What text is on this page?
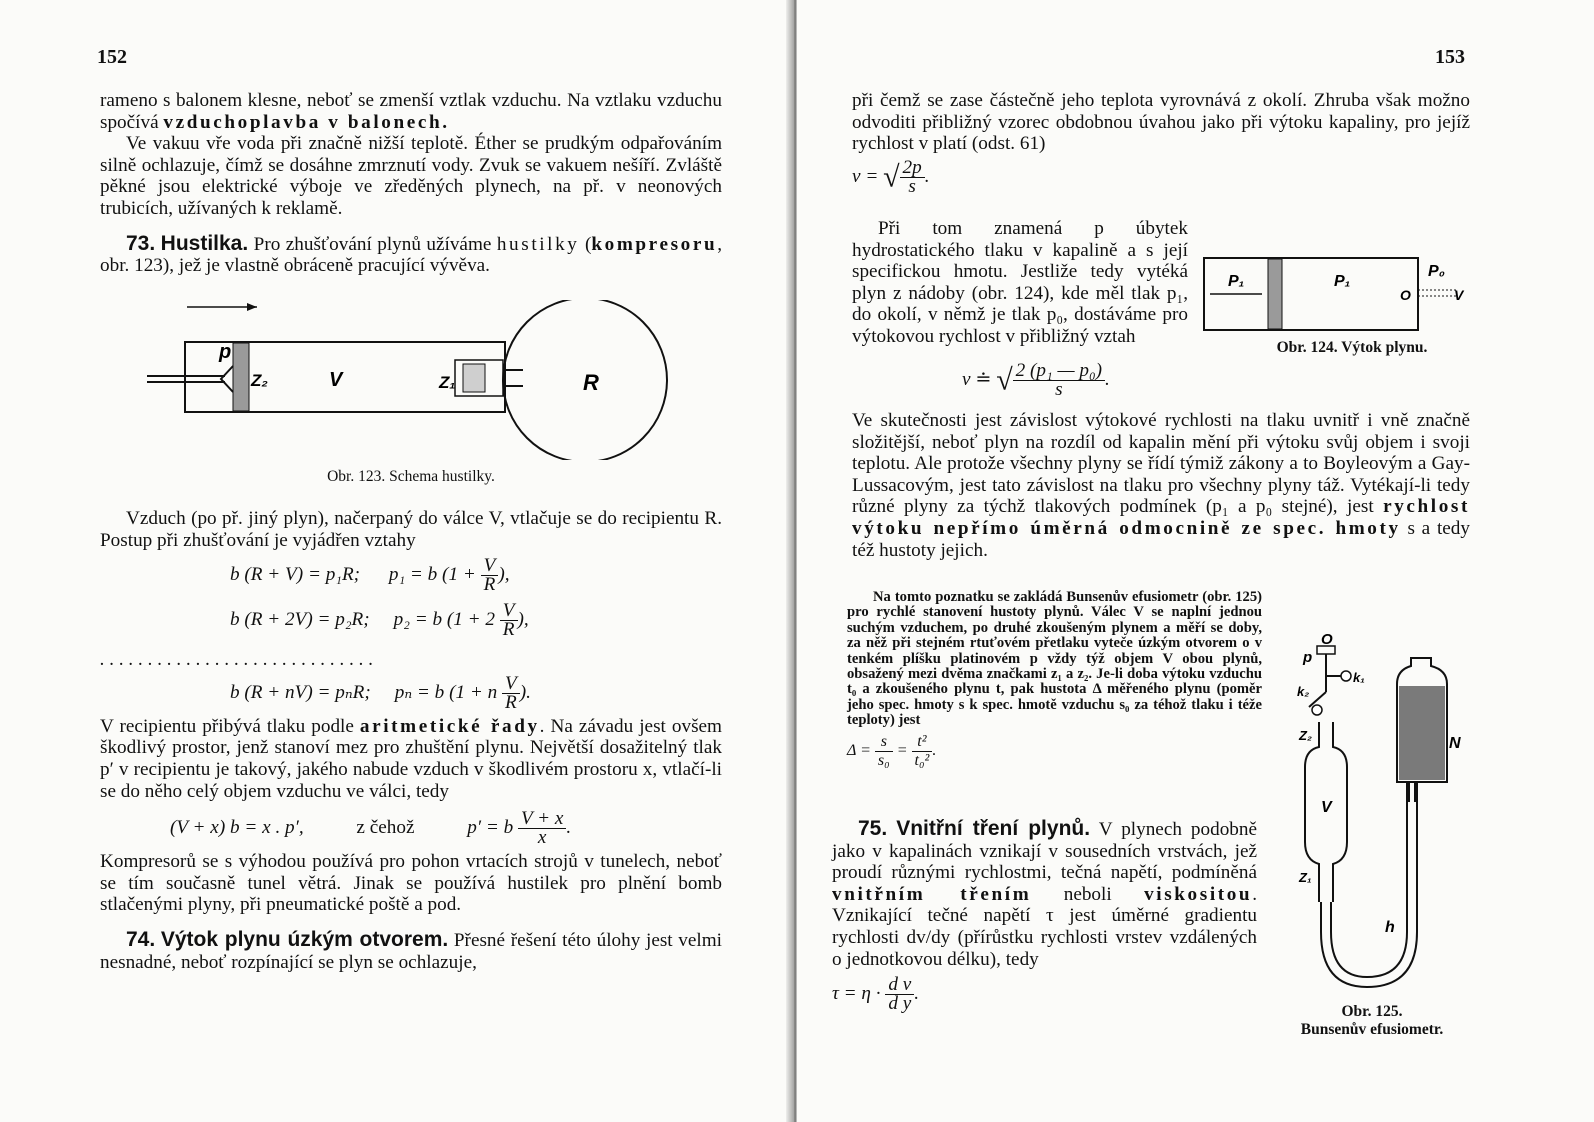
152

rameno s balonem klesne, neboť se zmenší vztlak vzduchu. Na vztlaku vzduchu spočívá vzduchoplavba v balonech.

Ve vakuu vře voda při značně nižší teplotě. Éther se prudkým odpařováním silně ochlazuje, čímž se dosáhne zmrznutí vody. Zvuk se vakuem nešíří. Zvláště pěkné jsou elektrické výboje ve zředěných plynech, na př. v neonových trubicích, užívaných k reklamě.

73. Hustilka. Pro zhušťování plynů užíváme hustilky (kompresoru, obr. 123), jež je vlastně obráceně pracující vývěva.

p
Z₂	V	Z₁	R
Obr. 123. Schema hustilky.

Vzduch (po př. jiný plyn), načerpaný do válce V, vtlačuje se do recipientu R. Postup při zhušťování je vyjádřen vztahy

b (R + V) = p₁R; p₁ = b ($1 + \frac{V}{R}$ ),

b (R + 2V) = p₂R; p₂ = b ($1 + 2 \frac{V}{R}$ ),

. . . . . . . . . . . . . . . . . . . . . . . . . . . . .

b (R + nV) = pₙR; pₙ = b (1 + n $\frac{V}{R}$ ).

V recipientu přibývá tlaku podle aritmetické řady. Na závadu jest ovšem škodlivý prostor, jenž stanoví mez pro zhuštění plynu. Největší dosažitelný tlak p′ v recipientu je takový, jakého nabude vzduch v škodlivém prostoru x, vtlačí-li se do něho celý objem vzduchu ve válci, tedy

(V + x) b = x . p′,	z čehož	p′ = b $\frac{V + x}{x}$ .

Kompresorů se s výhodou používá pro pohon vrtacích strojů v tunelech, neboť se tím současně tunel větrá. Jinak se používá hustilek pro plnění bomb stlačenými plyny, při pneumatické poště a pod.

74. Výtok plynu úzkým otvorem. Přesné řešení této úlohy jest velmi nesnadné, neboť rozpínající se plyn se ochlazuje,

153

při čemž se zase částečně jeho teplota vyrovnává z okolí. Zhruba však možno odvoditi přibližný vzorec obdobnou úvahou jako při výtoku kapaliny, pro jejíž rychlost v platí (odst. 61)

v = √ $\frac{2p}{s}$ .

Při tom znamená p úbytek hydrostatického tlaku v kapalině a s její specifickou hmotu. Jestliže tedy vytéká plyn z nádoby (obr. 124), kde měl tlak p₁, do okolí, v němž je tlak p₀, dostáváme pro výtokovou rychlost v přibližný vztah

P₁	P₁
P₀
O	V
Obr. 124. Výtok plynu.

v ≐ √ $\frac{\text{2 (p₁ — p₀)}}{s}$ .

Ve skutečnosti jest závislost výtokové rychlosti na tlaku uvnitř i vně značně složitější, neboť plyn na rozdíl od kapalin mění při výtoku svůj objem i svoji teplotu. Ale protože všechny plyny se řídí týmiž zákony a to Boyleovým a Gay-Lussacovým, jest tato závislost na tlaku pro všechny plyny táž. Vytékají-li tedy různé plyny za týchž tlakových podmínek (p₁ a p₀ stejné), jest rychlost výtoku nepřímo úměrná odmocnině ze spec. hmoty s a tedy též hustoty jejich.

Na tomto poznatku se zakládá Bunsenův efusiometr (obr. 125) pro rychlé stanovení hustoty plynů. Válec V se naplní jednou suchým vzduchem, po druhé zkoušeným plynem a měří se doby, za něž při stejném rtuťovém přetlaku vyteče úzkým otvorem o v tenkém plíšku platinovém p vždy týž objem V obou plynů, obsažený mezi dvěma značkami z₁ a z₂. Je-li doba výtoku vzduchu t₀ a zkoušeného plynu t, pak hustota Δ měřeného plynu (poměr jeho spec. hmoty s k spec. hmotě vzduchu s₀ za téhož tlaku i téže teploty) jest

$\Delta = \frac{s}{\text{s₀}} = \frac{\text{t²}}{\text{t₀²}}$ .

75. Vnitřní tření plynů. V plynech podobně jako v kapalinách vznikají v sousedních vrstvách, jež proudí různými rychlostmi, tečná napětí, podmíněná vnitřním třením neboli viskositou. Vznikající tečné napětí τ jest úměrné gradientu rychlosti dv/dy (přírůstku rychlosti vrstev vzdálených o jednotkovou délku), tedy

$\tau = \eta \cdot \frac{\text{d v}}{\text{d y}}$ .

O
p
k₁
k₂
Z₂
V
N
Z₁
h
Obr. 125.
Bunsenův efusiometr.
